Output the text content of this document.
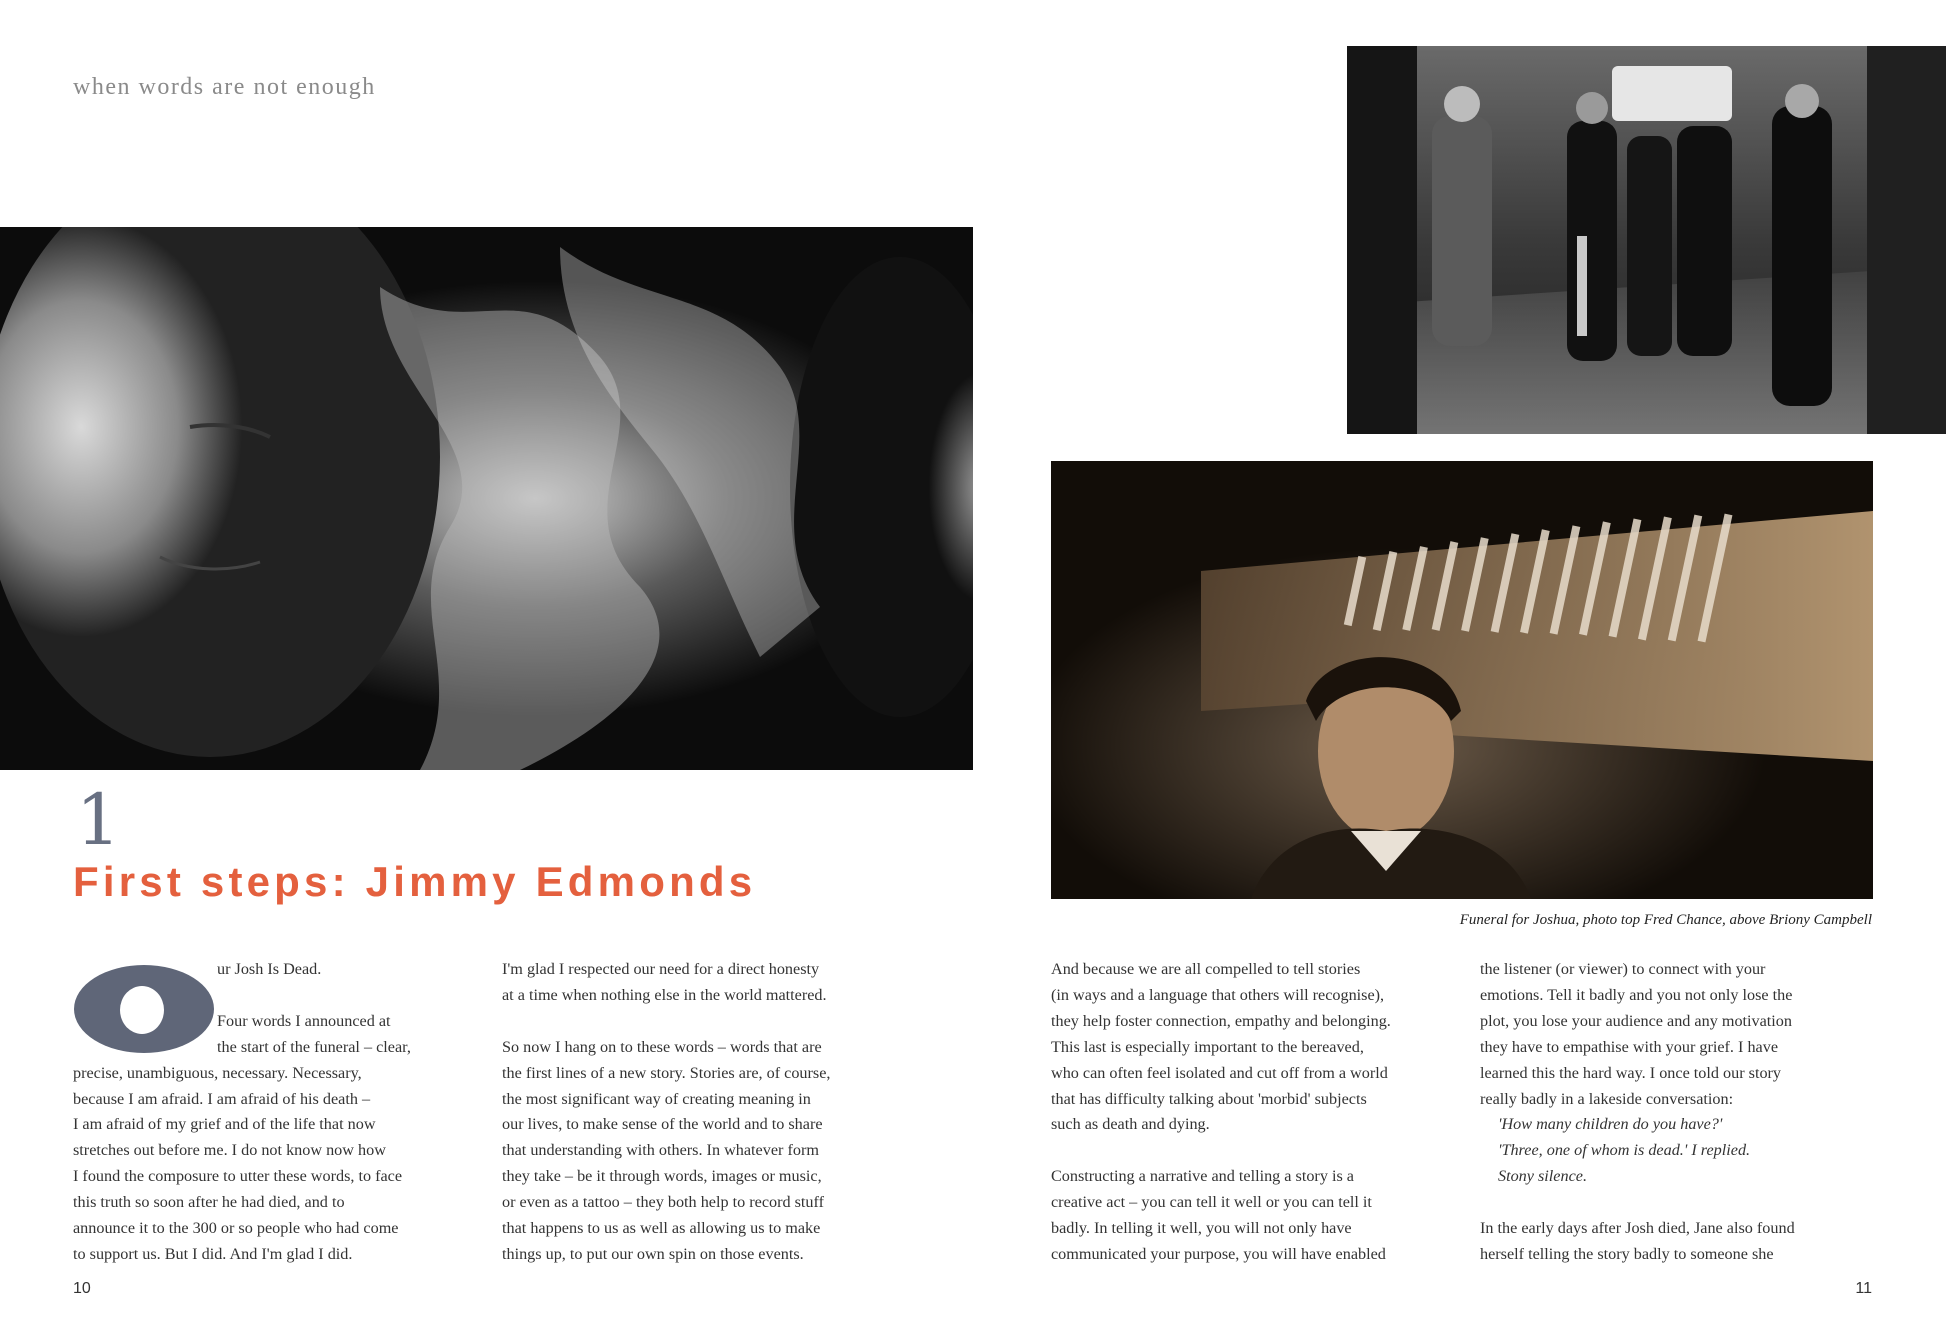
when words are not enough
1
First steps: Jimmy Edmonds
Funeral for Joshua, photo top Fred Chance, above Briony Campbell
ur Josh Is Dead.
Four words I announced at
the start of the funeral – clear,
precise, unambiguous, necessary. Necessary,
because I am afraid. I am afraid of his death –
I am afraid of my grief and of the life that now
stretches out before me. I do not know now how
I found the composure to utter these words, to face
this truth so soon after he had died, and to
announce it to the 300 or so people who had come
to support us. But I did. And I'm glad I did.
I'm glad I respected our need for a direct honesty
at a time when nothing else in the world mattered.
So now I hang on to these words – words that are
the first lines of a new story. Stories are, of course,
the most significant way of creating meaning in
our lives, to make sense of the world and to share
that understanding with others. In whatever form
they take – be it through words, images or music,
or even as a tattoo – they both help to record stuff
that happens to us as well as allowing us to make
things up, to put our own spin on those events.
And because we are all compelled to tell stories
(in ways and a language that others will recognise),
they help foster connection, empathy and belonging.
This last is especially important to the bereaved,
who can often feel isolated and cut off from a world
that has difficulty talking about 'morbid' subjects
such as death and dying.
Constructing a narrative and telling a story is a
creative act – you can tell it well or you can tell it
badly. In telling it well, you will not only have
communicated your purpose, you will have enabled
the listener (or viewer) to connect with your
emotions. Tell it badly and you not only lose the
plot, you lose your audience and any motivation
they have to empathise with your grief. I have
learned this the hard way. I once told our story
really badly in a lakeside conversation:
'How many children do you have?'
'Three, one of whom is dead.' I replied.
Stony silence.
In the early days after Josh died, Jane also found
herself telling the story badly to someone she
10	11
